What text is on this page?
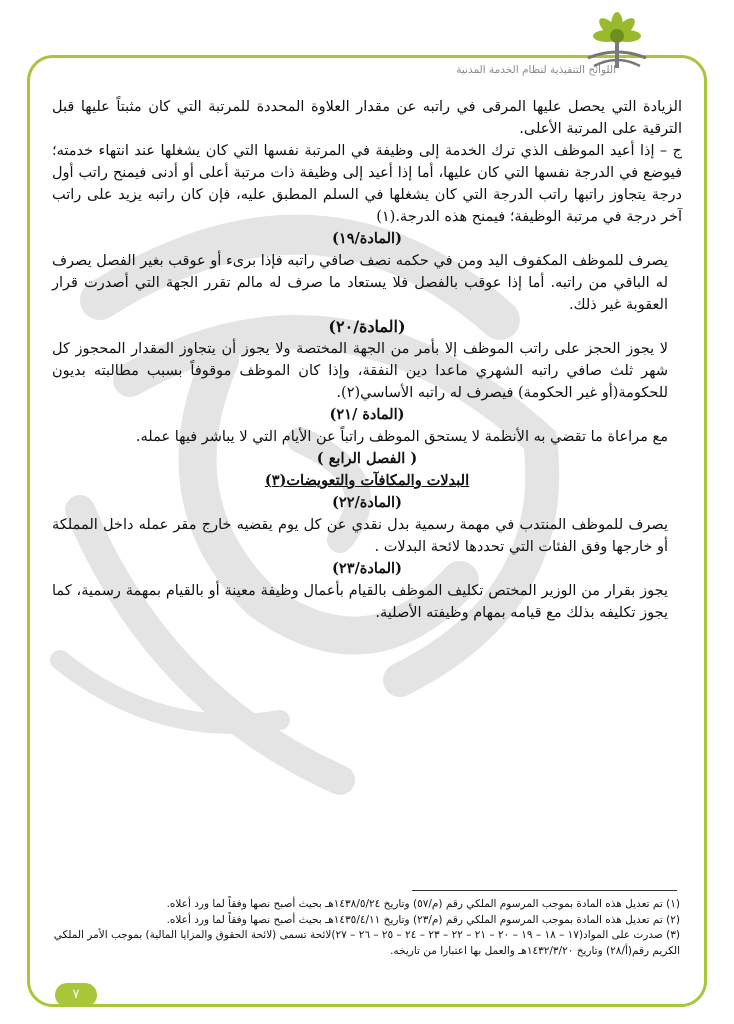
اللوائح التنفيذية لنظام الخدمة المدنية

الزيادة التي يحصل عليها المرقى في راتبه عن مقدار العلاوة المحددة للمرتبة التي كان مثبتاً عليها قبل الترقية على المرتبة الأعلى.

ج – إذا أعيد الموظف الذي ترك الخدمة إلى وظيفة في المرتبة نفسها التي كان يشغلها عند انتهاء خدمته؛ فيوضع في الدرجة نفسها التي كان عليها، أما إذا أعيد إلى وظيفة ذات مرتبة أعلى أو أدنى فيمنح راتب أول درجة يتجاوز راتبها راتب الدرجة التي كان يشغلها في السلم المطبق عليه، فإن كان راتبه يزيد على راتب آخر درجة في مرتبة الوظيفة؛ فيمنح هذه الدرجة.(١)

(المادة/١٩)

يصرف للموظف المكفوف اليد ومن في حكمه نصف صافي راتبه فإذا برىء أو عوقب بغير الفصل يصرف له الباقي من راتبه. أما إذا عوقب بالفصل فلا يستعاد ما صرف له مالم تقرر الجهة التي أصدرت قرار العقوبة غير ذلك.

(المادة/٢٠)

لا يجوز الحجز على راتب الموظف إلا بأمر من الجهة المختصة ولا يجوز أن يتجاوز المقدار المحجوز كل شهر ثلث صافي راتبه الشهري ماعدا دين النفقة، وإذا كان الموظف موقوفاً بسبب مطالبته بديون للحكومة(أو غير الحكومة) فيصرف له راتبه الأساسي(٢).

(المادة /٢١)

مع مراعاة ما تقضي به الأنظمة لا يستحق الموظف راتباً عن الأيام التي لا يباشر فيها عمله.

( الفصل الرابع )

البدلات والمكافآت والتعويضات(٣)

(المادة/٢٢)

يصرف للموظف المنتدب في مهمة رسمية بدل نقدي عن كل يوم يقضيه خارج مقر عمله داخل المملكة أو خارجها وفق الفئات التي تحددها لائحة البدلات .

(المادة/٢٣)

يجوز بقرار من الوزير المختص تكليف الموظف بالقيام بأعمال وظيفة معينة أو بالقيام بمهمة رسمية، كما يجوز تكليفه بذلك مع قيامه بمهام وظيفته الأصلية.

(١) تم تعديل هذه المادة بموجب المرسوم الملكي رقم (م/٥٧) وتاريخ ١٤٣٨/٥/٢٤هـ بحيث أصبح نصها وفقاً لما ورد أعلاه.

(٢) تم تعديل هذه المادة بموجب المرسوم الملكي رقم (م/٢٣) وتاريخ ١٤٣٥/٤/١١هـ بحيث أصبح نصها وفقاً لما ورد أعلاه.

(٣) صدرت على المواد(١٧ – ١٨ – ١٩ – ٢٠ – ٢١ – ٢٢ – ٢٣ – ٢٤ – ٢٥ – ٢٦ – ٢٧)لائحة تسمى (لائحة الحقوق والمزايا المالية) بموجب الأمر الملكي الكريم رقم(أ/٢٨) وتاريخ ١٤٣٢/٣/٢٠هـ والعمل بها اعتبارا من تاريخه.

٧
